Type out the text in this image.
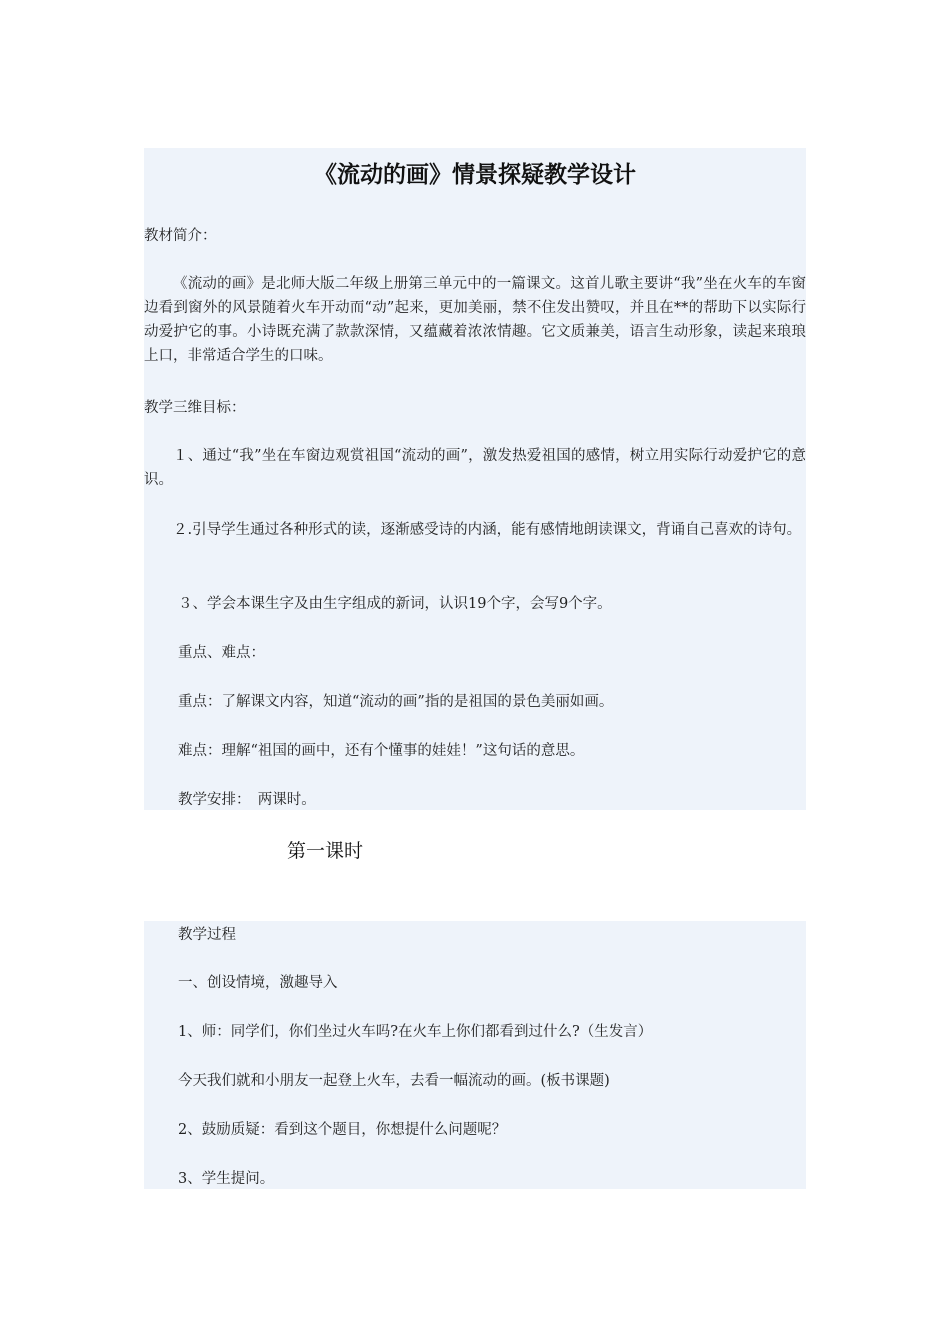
《流动的画》情景探疑教学设计

教材简介：

《流动的画》是北师大版二年级上册第三单元中的一篇课文。这首儿歌主要讲“我”坐在火车的车窗边看到窗外的风景随着火车开动而“动”起来，更加美丽，禁不住发出赞叹，并且在**的帮助下以实际行动爱护它的事。小诗既充满了款款深情，又蕴藏着浓浓情趣。它文质兼美，语言生动形象，读起来琅琅上口，非常适合学生的口味。

教学三维目标：

１、通过“我”坐在车窗边观赏祖国“流动的画”，激发热爱祖国的感情，树立用实际行动爱护它的意识。

２.引导学生通过各种形式的读，逐渐感受诗的内涵，能有感情地朗读课文，背诵自己喜欢的诗句。

３、学会本课生字及由生字组成的新词，认识19个字，会写9个字。

重点、难点：

重点：了解课文内容，知道“流动的画”指的是祖国的景色美丽如画。

难点：理解“祖国的画中，还有个懂事的娃娃！”这句话的意思。

教学安排：　两课时。

第一课时

教学过程

一、创设情境，激趣导入

1、师：同学们，你们坐过火车吗?在火车上你们都看到过什么?（生发言）

今天我们就和小朋友一起登上火车，去看一幅流动的画。(板书课题)

2、鼓励质疑：看到这个题目，你想提什么问题呢？

3、学生提问。
